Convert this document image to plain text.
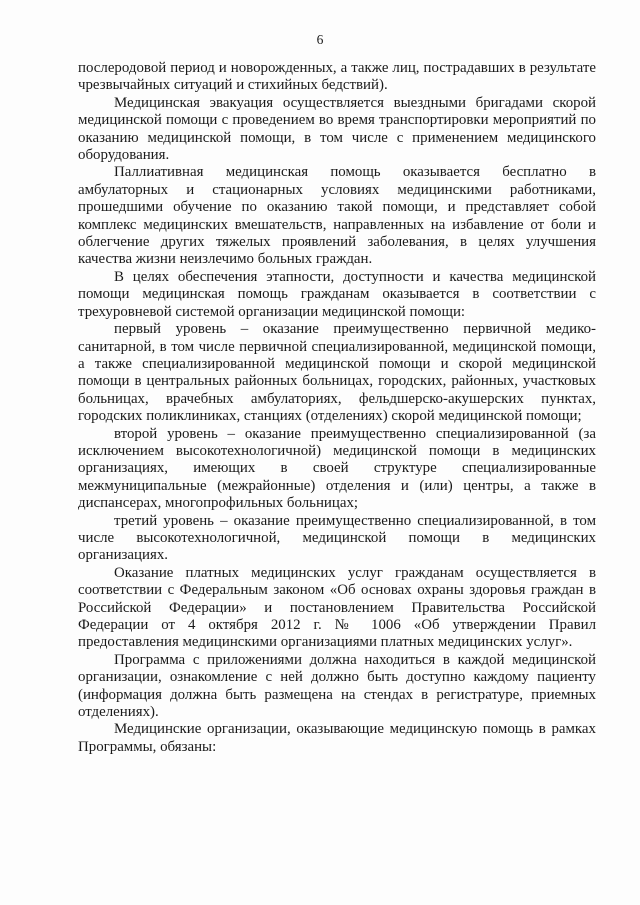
6

послеродовой период и новорожденных, а также лиц, пострадавших в результате чрезвычайных ситуаций и стихийных бедствий).

Медицинская эвакуация осуществляется выездными бригадами скорой медицинской помощи с проведением во время транспортировки мероприятий по оказанию медицинской помощи, в том числе с применением медицинского оборудования.

Паллиативная медицинская помощь оказывается бесплатно в амбулаторных и стационарных условиях медицинскими работниками, прошедшими обучение по оказанию такой помощи, и представляет собой комплекс медицинских вмешательств, направленных на избавление от боли и облегчение других тяжелых проявлений заболевания, в целях улучшения качества жизни неизлечимо больных граждан.

В целях обеспечения этапности, доступности и качества медицинской помощи медицинская помощь гражданам оказывается в соответствии с трехуровневой системой организации медицинской помощи:

первый уровень – оказание преимущественно первичной медико-санитарной, в том числе первичной специализированной, медицинской помощи, а также специализированной медицинской помощи и скорой медицинской помощи в центральных районных больницах, городских, районных, участковых больницах, врачебных амбулаториях, фельдшерско-акушерских пунктах, городских поликлиниках, станциях (отделениях) скорой медицинской помощи;

второй уровень – оказание преимущественно специализированной (за исключением высокотехнологичной) медицинской помощи в медицинских организациях, имеющих в своей структуре специализированные межмуниципальные (межрайонные) отделения и (или) центры, а также в диспансерах, многопрофильных больницах;

третий уровень – оказание преимущественно специализированной, в том числе высокотехнологичной, медицинской помощи в медицинских организациях.

Оказание платных медицинских услуг гражданам осуществляется в соответствии с Федеральным законом «Об основах охраны здоровья граждан в Российской Федерации» и постановлением Правительства Российской Федерации от 4 октября 2012 г. № 1006 «Об утверждении Правил предоставления медицинскими организациями платных медицинских услуг».

Программа с приложениями должна находиться в каждой медицинской организации, ознакомление с ней должно быть доступно каждому пациенту (информация должна быть размещена на стендах в регистратуре, приемных отделениях).

Медицинские организации, оказывающие медицинскую помощь в рамках Программы, обязаны:
